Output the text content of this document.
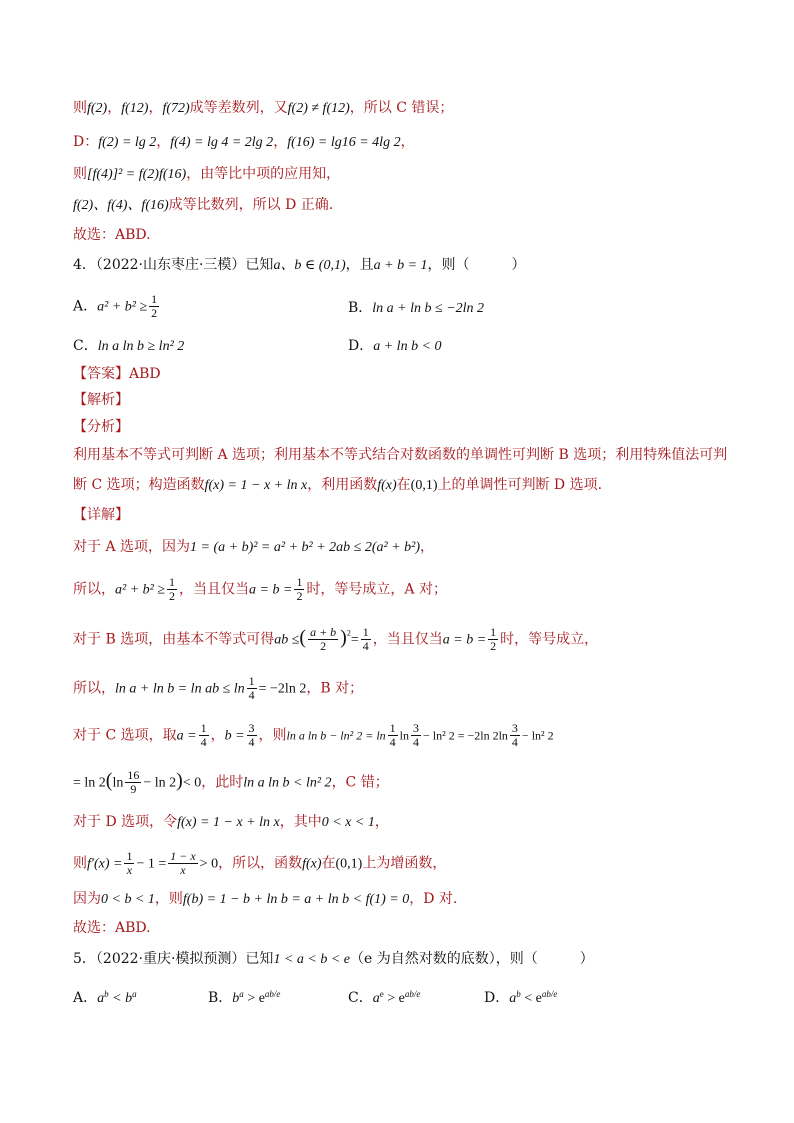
则f(2)，f(12)，f(72)成等差数列，又f(2) ≠ f(12)，所以 C 错误；
D：f(2) = lg 2，f(4) = lg 4 = 2lg 2，f(16) = lg16 = 4lg 2，
则[f(4)]² = f(2)f(16)，由等比中项的应用知，
f(2)、f(4)、f(16)成等比数列，所以 D 正确.
故选：ABD.
4．（2022·山东枣庄·三模）已知a、b ∈ (0,1)，且a + b = 1，则（　　　）
A．$a^2 + b^2 \ge \frac{1}{2}$	B．ln a + ln b ≤ −2ln 2
C．ln a ln b ≥ ln² 2	D．a + ln b < 0
【答案】ABD
【解析】
【分析】
利用基本不等式可判断 A 选项；利用基本不等式结合对数函数的单调性可判断 B 选项；利用特殊值法可判
断 C 选项；构造函数f(x) = 1 − x + ln x，利用函数f(x)在(0,1)上的单调性可判断 D 选项.
【详解】
对于 A 选项，因为1 = (a + b)² = a² + b² + 2ab ≤ 2(a² + b²)，
所以，$a^2 + b^2 \ge \frac{1}{2}$ ，当且仅当$a = b = \frac{1}{2}$ 时，等号成立，A 对；
对于 B 选项，由基本不等式可得ab ≤( $\frac{a + b}{2} )^2= \frac{1}{4}$ ，当且仅当$a = b = \frac{1}{2}$ 时，等号成立，
所以，ln a + ln b = ln ab ≤ $\ln \frac{1}{4} = -2\ln$ 2，B 对；
对于 C 选项，取$a = \frac{1}{4}$ ，$b = \frac{3}{4}$ ，则ln a ln b − ln² $2 = \ln \frac{1}{4}$ $\ln \frac{3}{4} - \ln^2$ 2 = −2ln $2\ln \frac{3}{4} - \ln^2$ 2
= $\ln 2(\ln \frac{16}{9} - \ln 2)< 0$，此时ln a ln b < ln² 2，C 错；
对于 D 选项，令f(x) = 1 − x + ln x，其中0 < x < 1，
则$f'(x) = \frac{1}{x} - 1 = \frac{1 - x}{x} > 0$，所以，函数f(x)在(0,1)上为增函数，
因为0 < b < 1，则f(b) = 1 − b + ln b = a + ln b < f(1) = 0，D 对.
故选：ABD.
5．（2022·重庆·模拟预测）已知1 < a < b < e（e 为自然对数的底数），则（　　　）
A．$a^b < b^a$	B．$b^a > e^{ab/e}$	C．$a^e > e^{ab/e}$	D．$a^b < e^{ab/e}$
